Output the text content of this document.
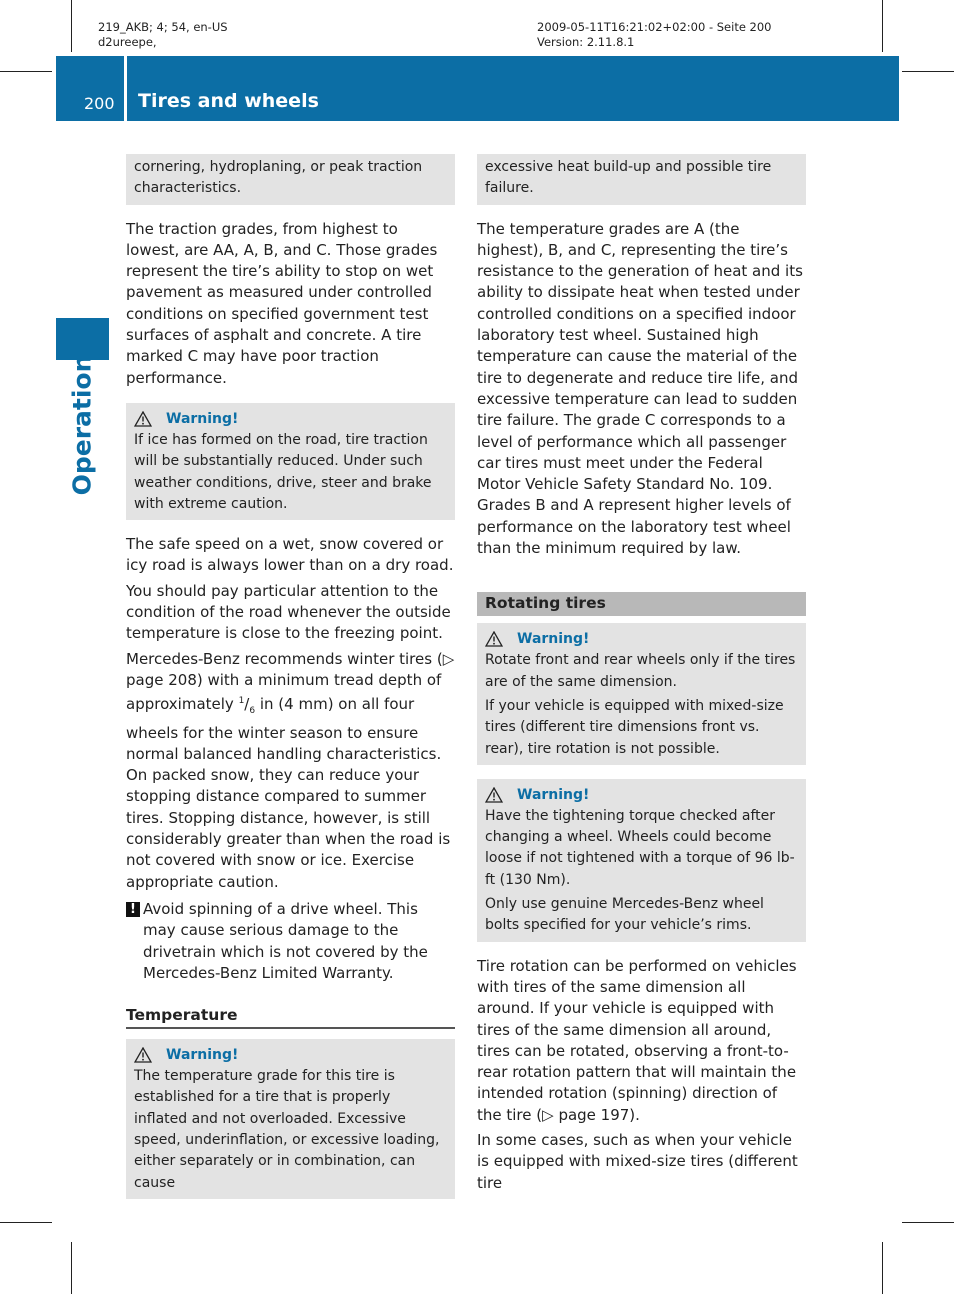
219_AKB; 4; 54, en-US
d2ureepe,
2009-05-11T16:21:02+02:00 - Seite 200
Version: 2.11.8.1
200 Tires and wheels
Operation
cornering, hydroplaning, or peak traction characteristics.
The traction grades, from highest to lowest, are AA, A, B, and C. Those grades represent the tire’s ability to stop on wet pavement as measured under controlled conditions on specified government test surfaces of asphalt and concrete. A tire marked C may have poor traction performance.
Warning!
If ice has formed on the road, tire traction will be substantially reduced. Under such weather conditions, drive, steer and brake with extreme caution.
The safe speed on a wet, snow covered or icy road is always lower than on a dry road.
You should pay particular attention to the condition of the road whenever the outside temperature is close to the freezing point.
Mercedes-Benz recommends winter tires (▷ page 208) with a minimum tread depth of approximately $^1/_6$ in (4 mm) on all four wheels for the winter season to ensure normal balanced handling characteristics. On packed snow, they can reduce your stopping distance compared to summer tires. Stopping distance, however, is still considerably greater than when the road is not covered with snow or ice. Exercise appropriate caution.
! Avoid spinning of a drive wheel. This may cause serious damage to the drivetrain which is not covered by the Mercedes-Benz Limited Warranty.
Temperature
Warning!
The temperature grade for this tire is established for a tire that is properly inflated and not overloaded. Excessive speed, underinflation, or excessive loading, either separately or in combination, can cause
excessive heat build-up and possible tire failure.
The temperature grades are A (the highest), B, and C, representing the tire’s resistance to the generation of heat and its ability to dissipate heat when tested under controlled conditions on a specified indoor laboratory test wheel. Sustained high temperature can cause the material of the tire to degenerate and reduce tire life, and excessive temperature can lead to sudden tire failure. The grade C corresponds to a level of performance which all passenger car tires must meet under the Federal Motor Vehicle Safety Standard No. 109. Grades B and A represent higher levels of performance on the laboratory test wheel than the minimum required by law.
Rotating tires
Warning!
Rotate front and rear wheels only if the tires are of the same dimension.
If your vehicle is equipped with mixed-size tires (different tire dimensions front vs. rear), tire rotation is not possible.
Warning!
Have the tightening torque checked after changing a wheel. Wheels could become loose if not tightened with a torque of 96 lb-ft (130 Nm).
Only use genuine Mercedes-Benz wheel bolts specified for your vehicle’s rims.
Tire rotation can be performed on vehicles with tires of the same dimension all around. If your vehicle is equipped with tires of the same dimension all around, tires can be rotated, observing a front-to-rear rotation pattern that will maintain the intended rotation (spinning) direction of the tire (▷ page 197).
In some cases, such as when your vehicle is equipped with mixed-size tires (different tire
